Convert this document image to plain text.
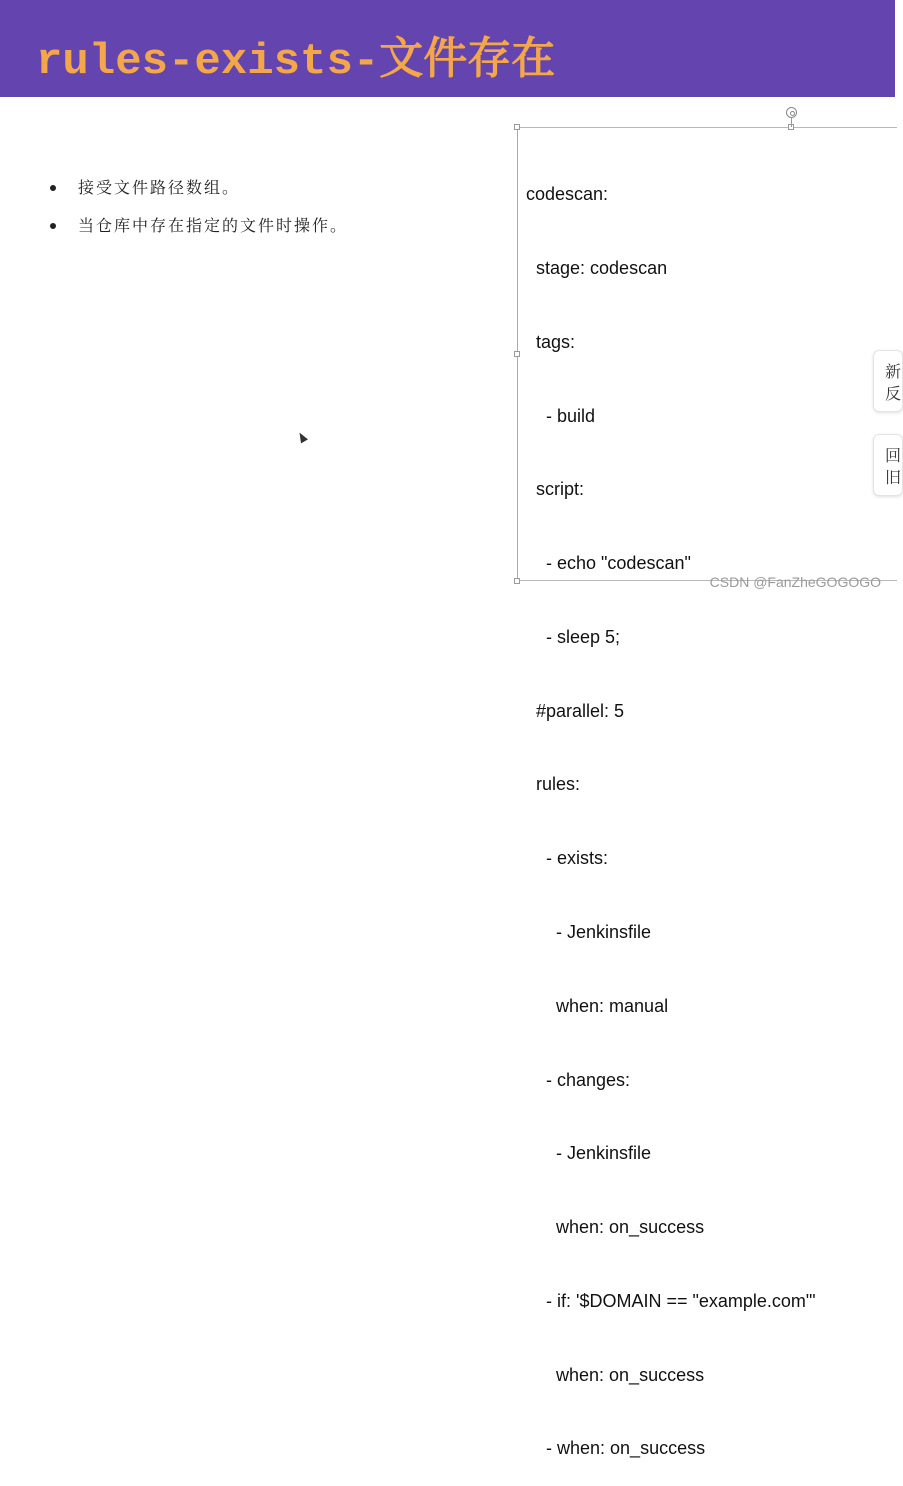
rules-exists-文件存在
接受文件路径数组。
当仓库中存在指定的文件时操作。

codescan:

stage: codescan

tags:

- build

script:

- echo "codescan"

- sleep 5;

#parallel: 5

rules:

- exists:

- Jenkinsfile

when: manual

- changes:

- Jenkinsfile

when: on_success

- if: '$DOMAIN == "example.com"'

when: on_success

- when: on_success

新
反
回
旧
CSDN @FanZheGOGOGO
